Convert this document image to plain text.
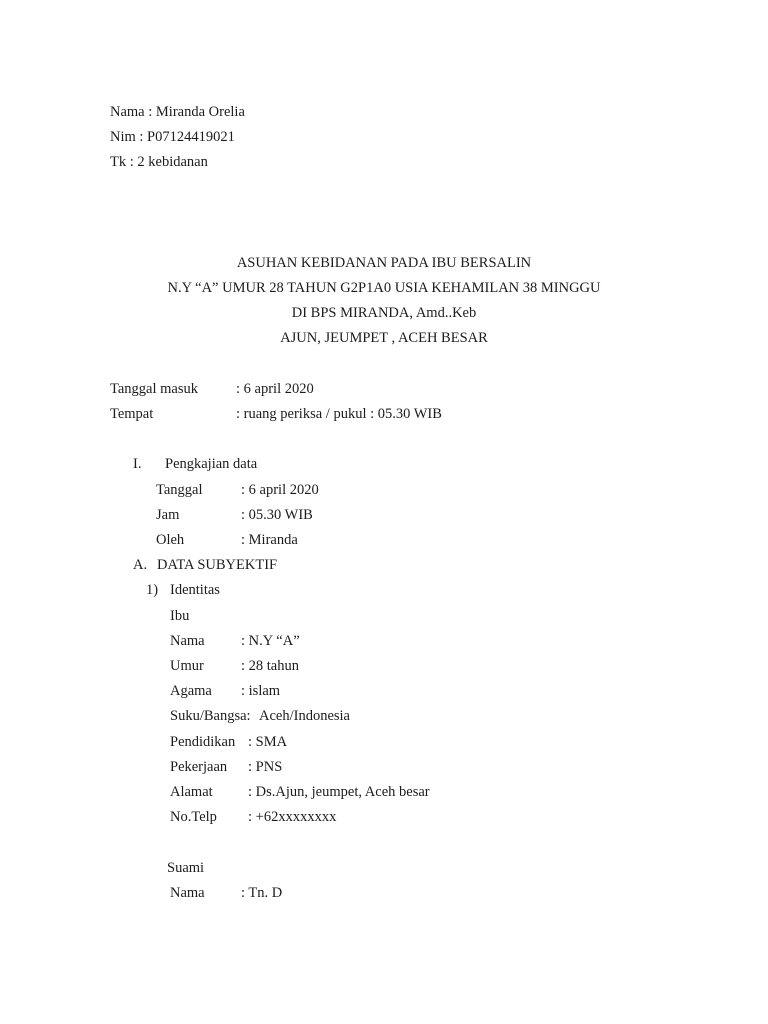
Nama : Miranda Orelia
Nim : P07124419021
Tk : 2 kebidanan
ASUHAN KEBIDANAN PADA IBU BERSALIN
N.Y “A” UMUR 28 TAHUN G2P1A0 USIA KEHAMILAN 38 MINGGU
DI BPS MIRANDA, Amd..Keb
AJUN, JEUMPET , ACEH BESAR
Tanggal masuk	: 6 april 2020
Tempat	: ruang periksa / pukul : 05.30 WIB
I. Pengkajian data
Tanggal	: 6 april 2020
Jam	: 05.30 WIB
Oleh	: Miranda
A. DATA SUBYEKTIF
1) Identitas
Ibu
Nama	: N.Y “A”
Umur	: 28 tahun
Agama : islam
Suku/Bangsa: Aceh/Indonesia
Pendidikan : SMA
Pekerjaan : PNS
Alamat : Ds.Ajun, jeumpet, Aceh besar
No.Telp : +62xxxxxxxx
Suami
Nama	: Tn. D
